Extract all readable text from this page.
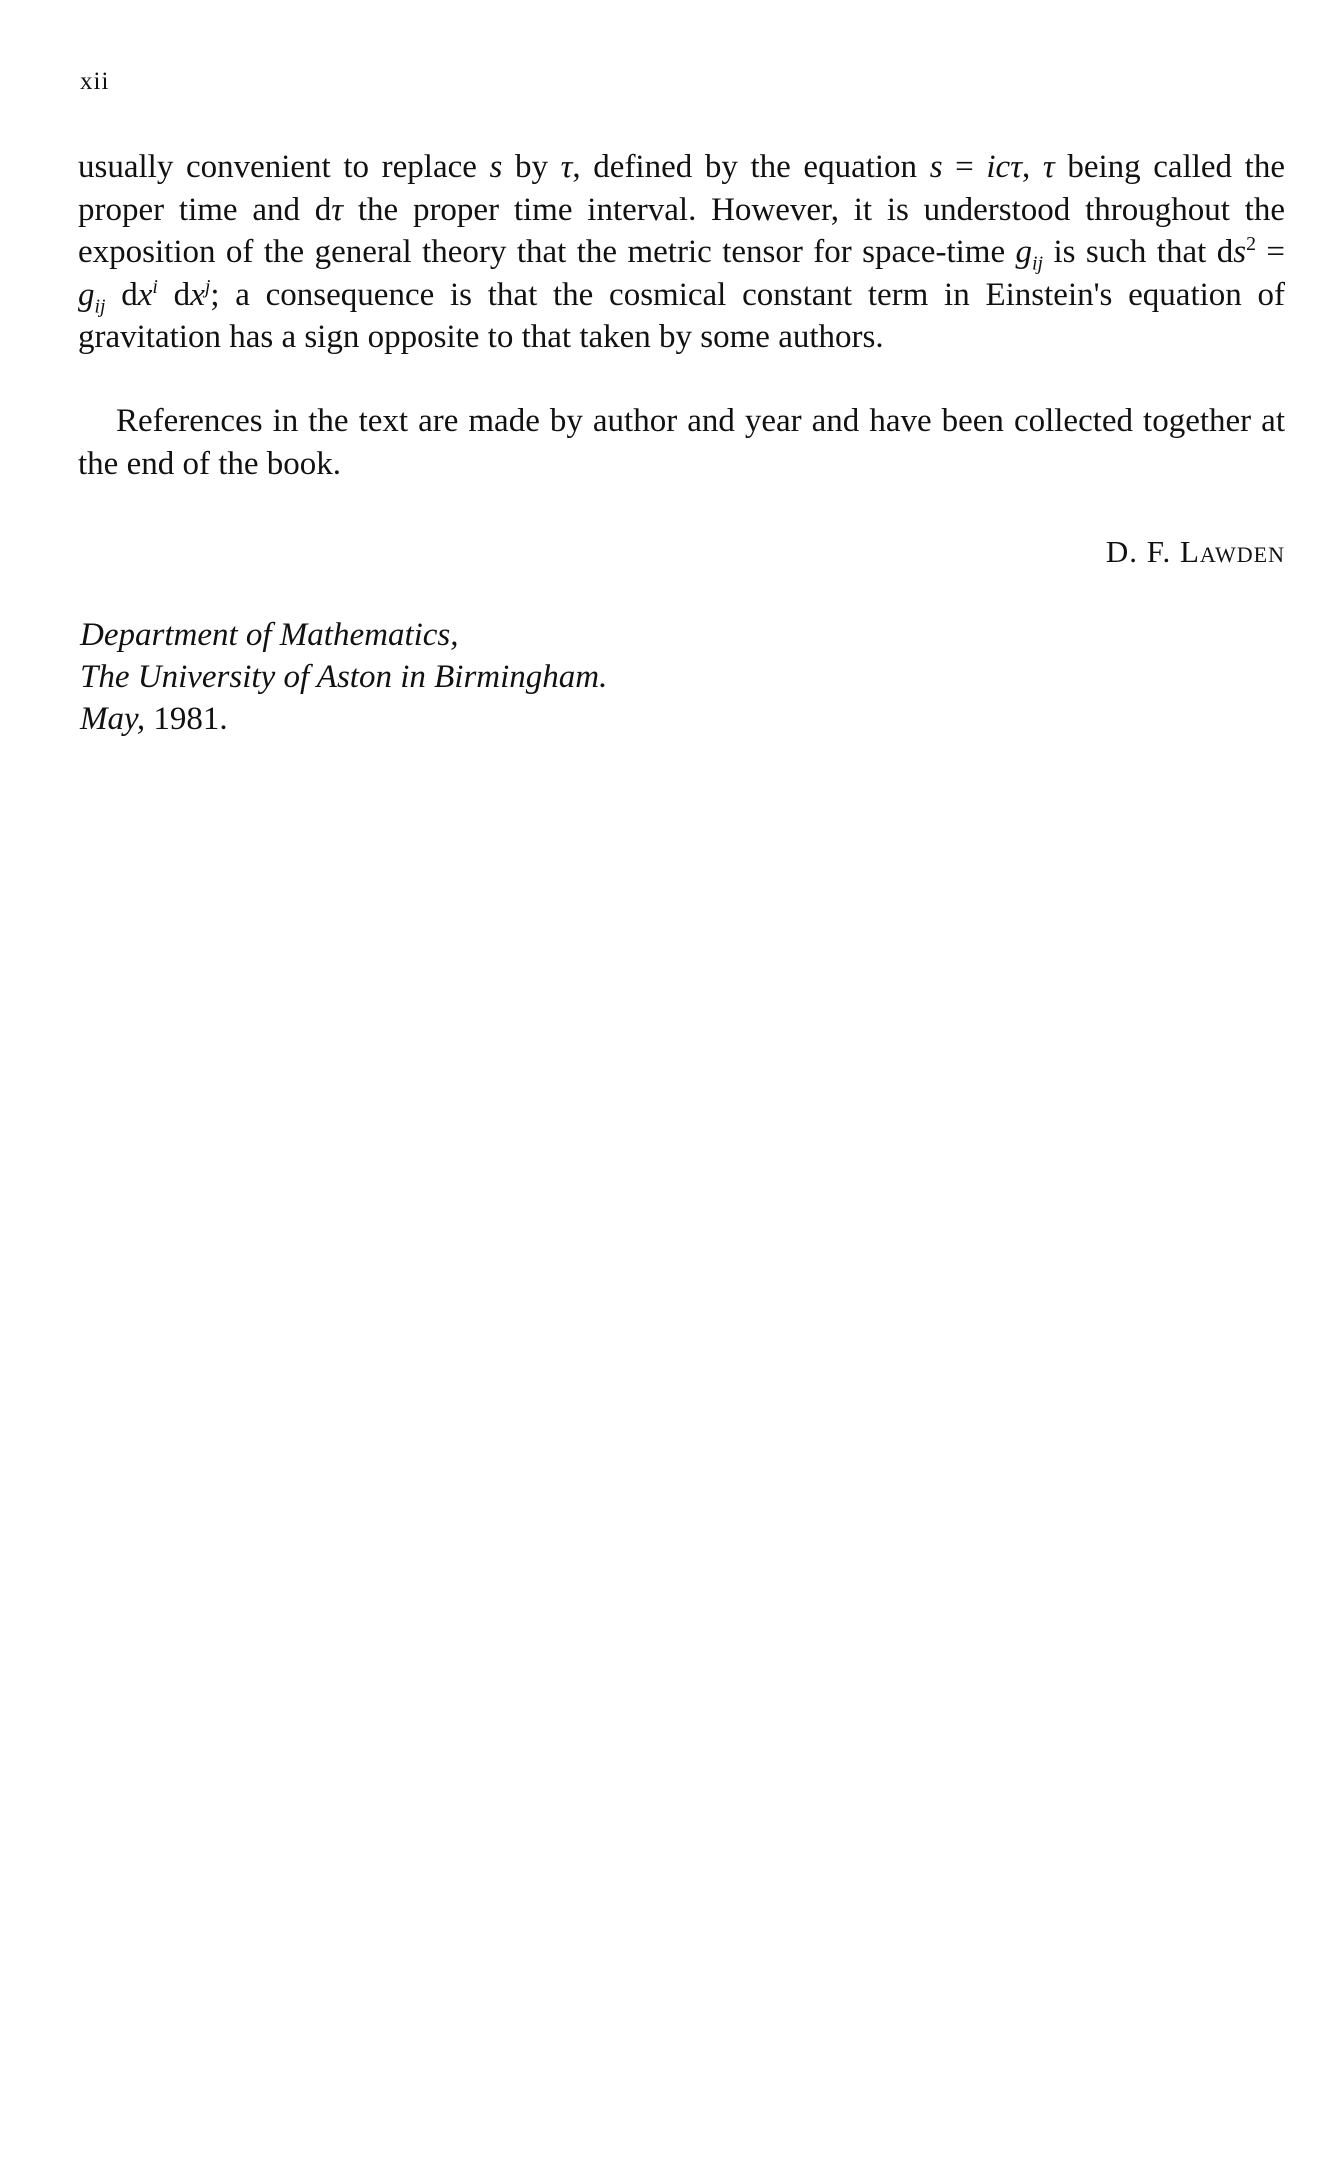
xii

usually convenient to replace s by τ, defined by the equation s = icτ, τ being called the proper time and dτ the proper time interval. However, it is understood throughout the exposition of the general theory that the metric tensor for space-time $g_{ij}$ is such that $ds^2 = g_{ij}$ $dx^i$ $dx^j$; a consequence is that the cosmical constant term in Einstein's equation of gravitation has a sign opposite to that taken by some authors.

References in the text are made by author and year and have been collected together at the end of the book.

D. F. Lawden
Department of Mathematics,
The University of Aston in Birmingham.
May, 1981.
